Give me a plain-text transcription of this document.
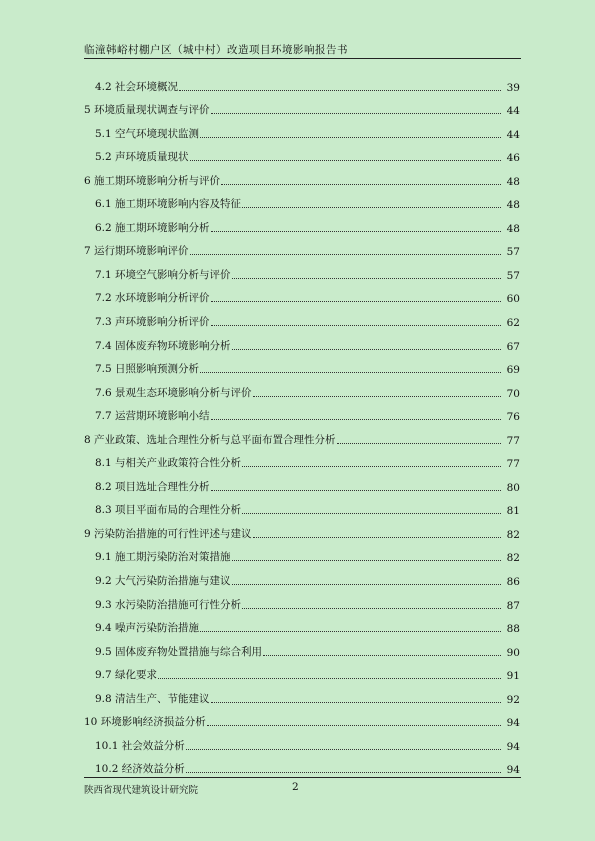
临潼韩峪村棚户区（城中村）改造项目环境影响报告书
4.2 社会环境概况	39
5 环境质量现状调查与评价	44
5.1 空气环境现状监测	44
5.2 声环境质量现状	46
6 施工期环境影响分析与评价	48
6.1 施工期环境影响内容及特征	48
6.2 施工期环境影响分析	48
7 运行期环境影响评价	57
7.1 环境空气影响分析与评价	57
7.2 水环境影响分析评价	60
7.3 声环境影响分析评价	62
7.4 固体废弃物环境影响分析	67
7.5 日照影响预测分析	69
7.6 景观生态环境影响分析与评价	70
7.7 运营期环境影响小结	76
8 产业政策、选址合理性分析与总平面布置合理性分析	77
8.1 与相关产业政策符合性分析	77
8.2 项目选址合理性分析	80
8.3 项目平面布局的合理性分析	81
9 污染防治措施的可行性评述与建议	82
9.1 施工期污染防治对策措施	82
9.2 大气污染防治措施与建议	86
9.3 水污染防治措施可行性分析	87
9.4 噪声污染防治措施	88
9.5 固体废弃物处置措施与综合利用	90
9.7 绿化要求	91
9.8 清洁生产、节能建议	92
10 环境影响经济损益分析	94
10.1 社会效益分析	94
10.2 经济效益分析	94
陕西省现代建筑设计研究院	2
